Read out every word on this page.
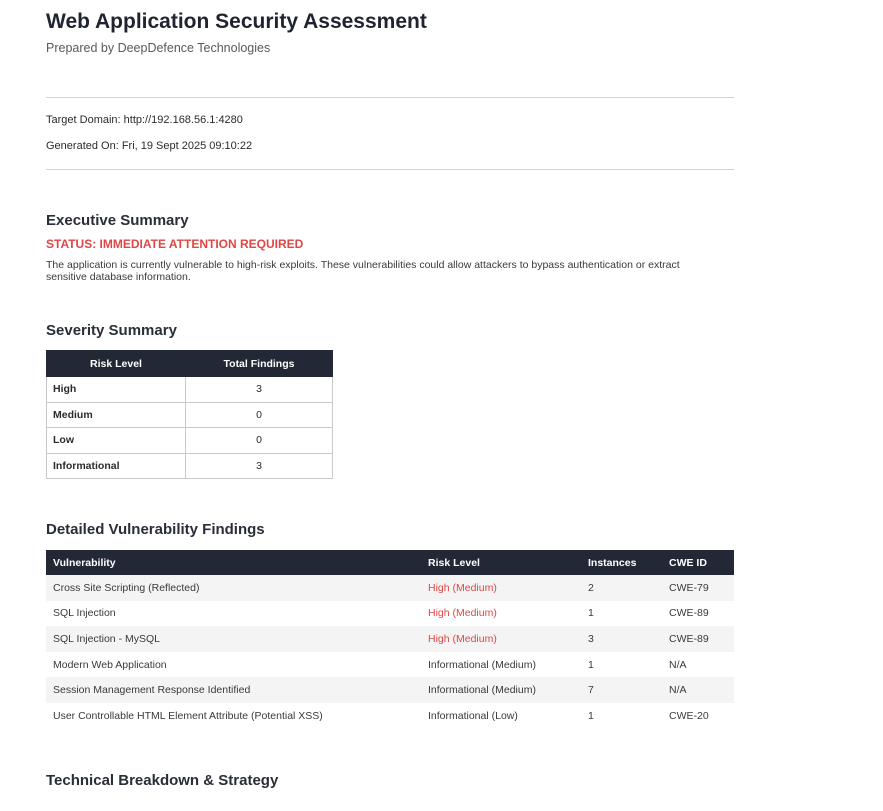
Web Application Security Assessment

Prepared by DeepDefence Technologies

Target Domain: http://192.168.56.1:4280

Generated On: Fri, 19 Sept 2025 09:10:22

Executive Summary

STATUS: IMMEDIATE ATTENTION REQUIRED

The application is currently vulnerable to high-risk exploits. These vulnerabilities could allow attackers to bypass authentication or extract sensitive database information.

Severity Summary
Risk Level	Total Findings
High	3
Medium	0
Low	0
Informational	3
Detailed Vulnerability Findings
Vulnerability	Risk Level	Instances	CWE ID
Cross Site Scripting (Reflected)	High (Medium)	2	CWE-79
SQL Injection	High (Medium)	1	CWE-89
SQL Injection - MySQL	High (Medium)	3	CWE-89
Modern Web Application	Informational (Medium)	1	N/A
Session Management Response Identified	Informational (Medium)	7	N/A
User Controllable HTML Element Attribute (Potential XSS)	Informational (Low)	1	CWE-20
Technical Breakdown & Strategy
